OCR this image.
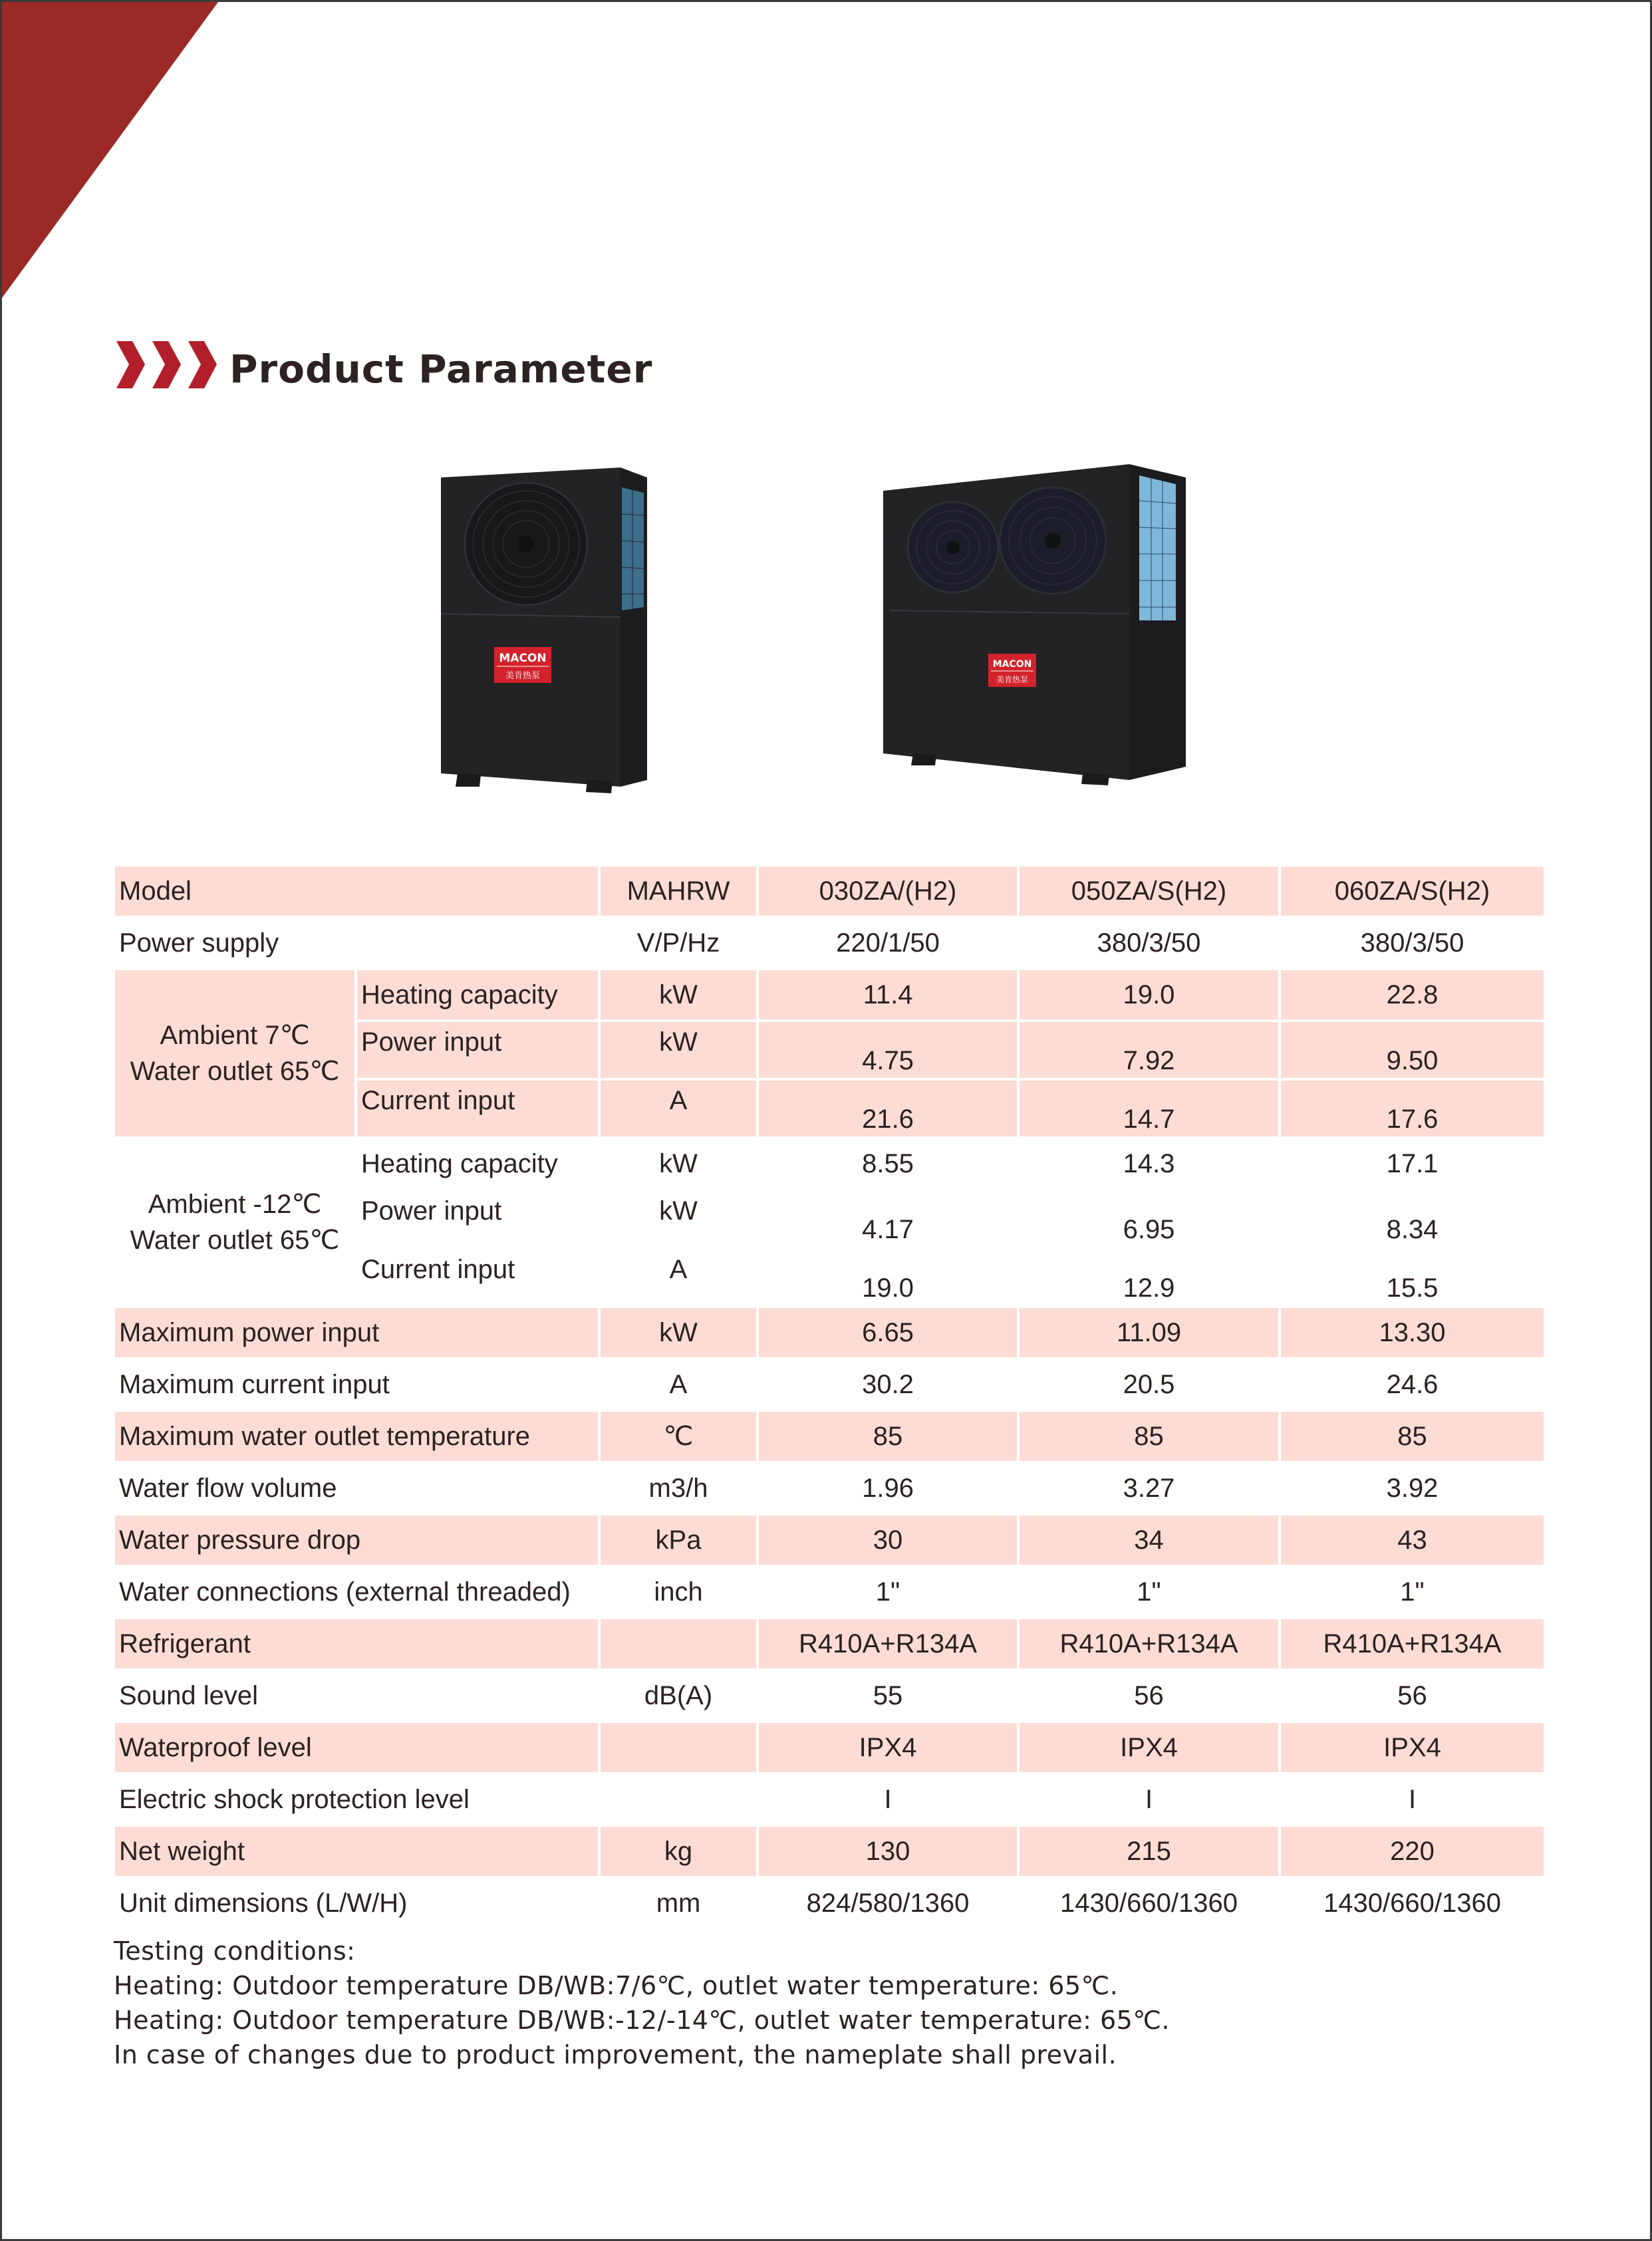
Product Parameter
MACON
美肯热泵
MACON
美肯热泵
Model		MAHRW	030ZA/(H2)	050ZA/S(H2)	060ZA/S(H2)
Power supply		V/P/Hz	220/1/50	380/3/50	380/3/50

Ambient 7℃
Water outlet 65℃	Heating capacity	kW	11.4	19.0	22.8
	Power input	kW	4.75	7.92	9.50
	Current input	A	21.6	14.7	17.6

Ambient -12℃
Water outlet 65℃	Heating capacity	kW	8.55	14.3	17.1
	Power input	kW	4.17	6.95	8.34
	Current input	A	19.0	12.9	15.5
Maximum power input		kW	6.65	11.09	13.30
Maximum current input		A	30.2	20.5	24.6
Maximum water outlet temperature		℃	85	85	85
Water flow volume		m3/h	1.96	3.27	3.92
Water pressure drop		kPa	30	34	43
Water connections (external threaded)		inch	1"	1"	1"
Refrigerant			R410A+R134A	R410A+R134A	R410A+R134A
Sound level		dB(A)	55	56	56
Waterproof level			IPX4	IPX4	IPX4
Electric shock protection level			I	I	I
Net weight		kg	130	215	220
Unit dimensions (L/W/H)		mm	824/580/1360	1430/660/1360	1430/660/1360
Testing conditions:
Heating: Outdoor temperature DB/WB:7/6℃, outlet water temperature: 65℃.
Heating: Outdoor temperature DB/WB:-12/-14℃, outlet water temperature: 65℃.
In case of changes due to product improvement, the nameplate shall prevail.
